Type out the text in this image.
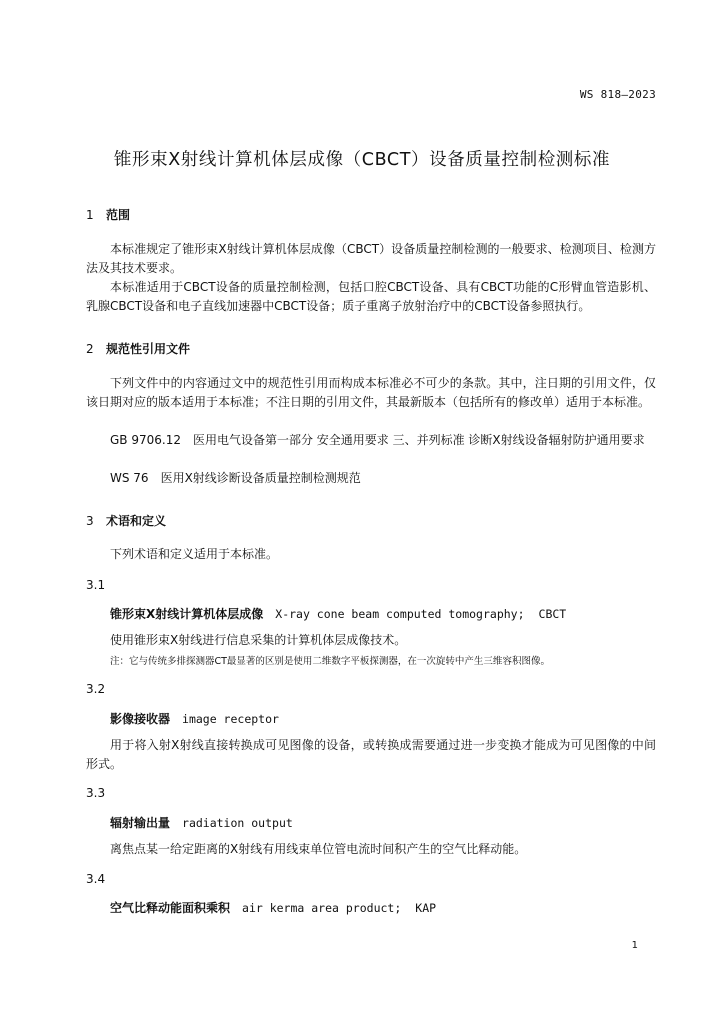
WS 818—2023
锥形束X射线计算机体层成像（CBCT）设备质量控制检测标准
1 范围
本标准规定了锥形束X射线计算机体层成像（CBCT）设备质量控制检测的一般要求、检测项目、检测方法及其技术要求。
本标准适用于CBCT设备的质量控制检测，包括口腔CBCT设备、具有CBCT功能的C形臂血管造影机、乳腺CBCT设备和电子直线加速器中CBCT设备；质子重离子放射治疗中的CBCT设备参照执行。
2 规范性引用文件
下列文件中的内容通过文中的规范性引用而构成本标准必不可少的条款。其中，注日期的引用文件，仅该日期对应的版本适用于本标准；不注日期的引用文件，其最新版本（包括所有的修改单）适用于本标准。
GB 9706.12　医用电气设备第一部分 安全通用要求 三、并列标准 诊断X射线设备辐射防护通用要求
WS 76　医用X射线诊断设备质量控制检测规范
3 术语和定义
下列术语和定义适用于本标准。
3.1
锥形束X射线计算机体层成像 X-ray cone beam computed tomography; CBCT
使用锥形束X射线进行信息采集的计算机体层成像技术。
注：它与传统多排探测器CT最显著的区别是使用二维数字平板探测器，在一次旋转中产生三维容积图像。
3.2
影像接收器 image receptor
用于将入射X射线直接转换成可见图像的设备，或转换成需要通过进一步变换才能成为可见图像的中间形式。
3.3
辐射输出量 radiation output
离焦点某一给定距离的X射线有用线束单位管电流时间积产生的空气比释动能。
3.4
空气比释动能面积乘积 air kerma area product; KAP
1
